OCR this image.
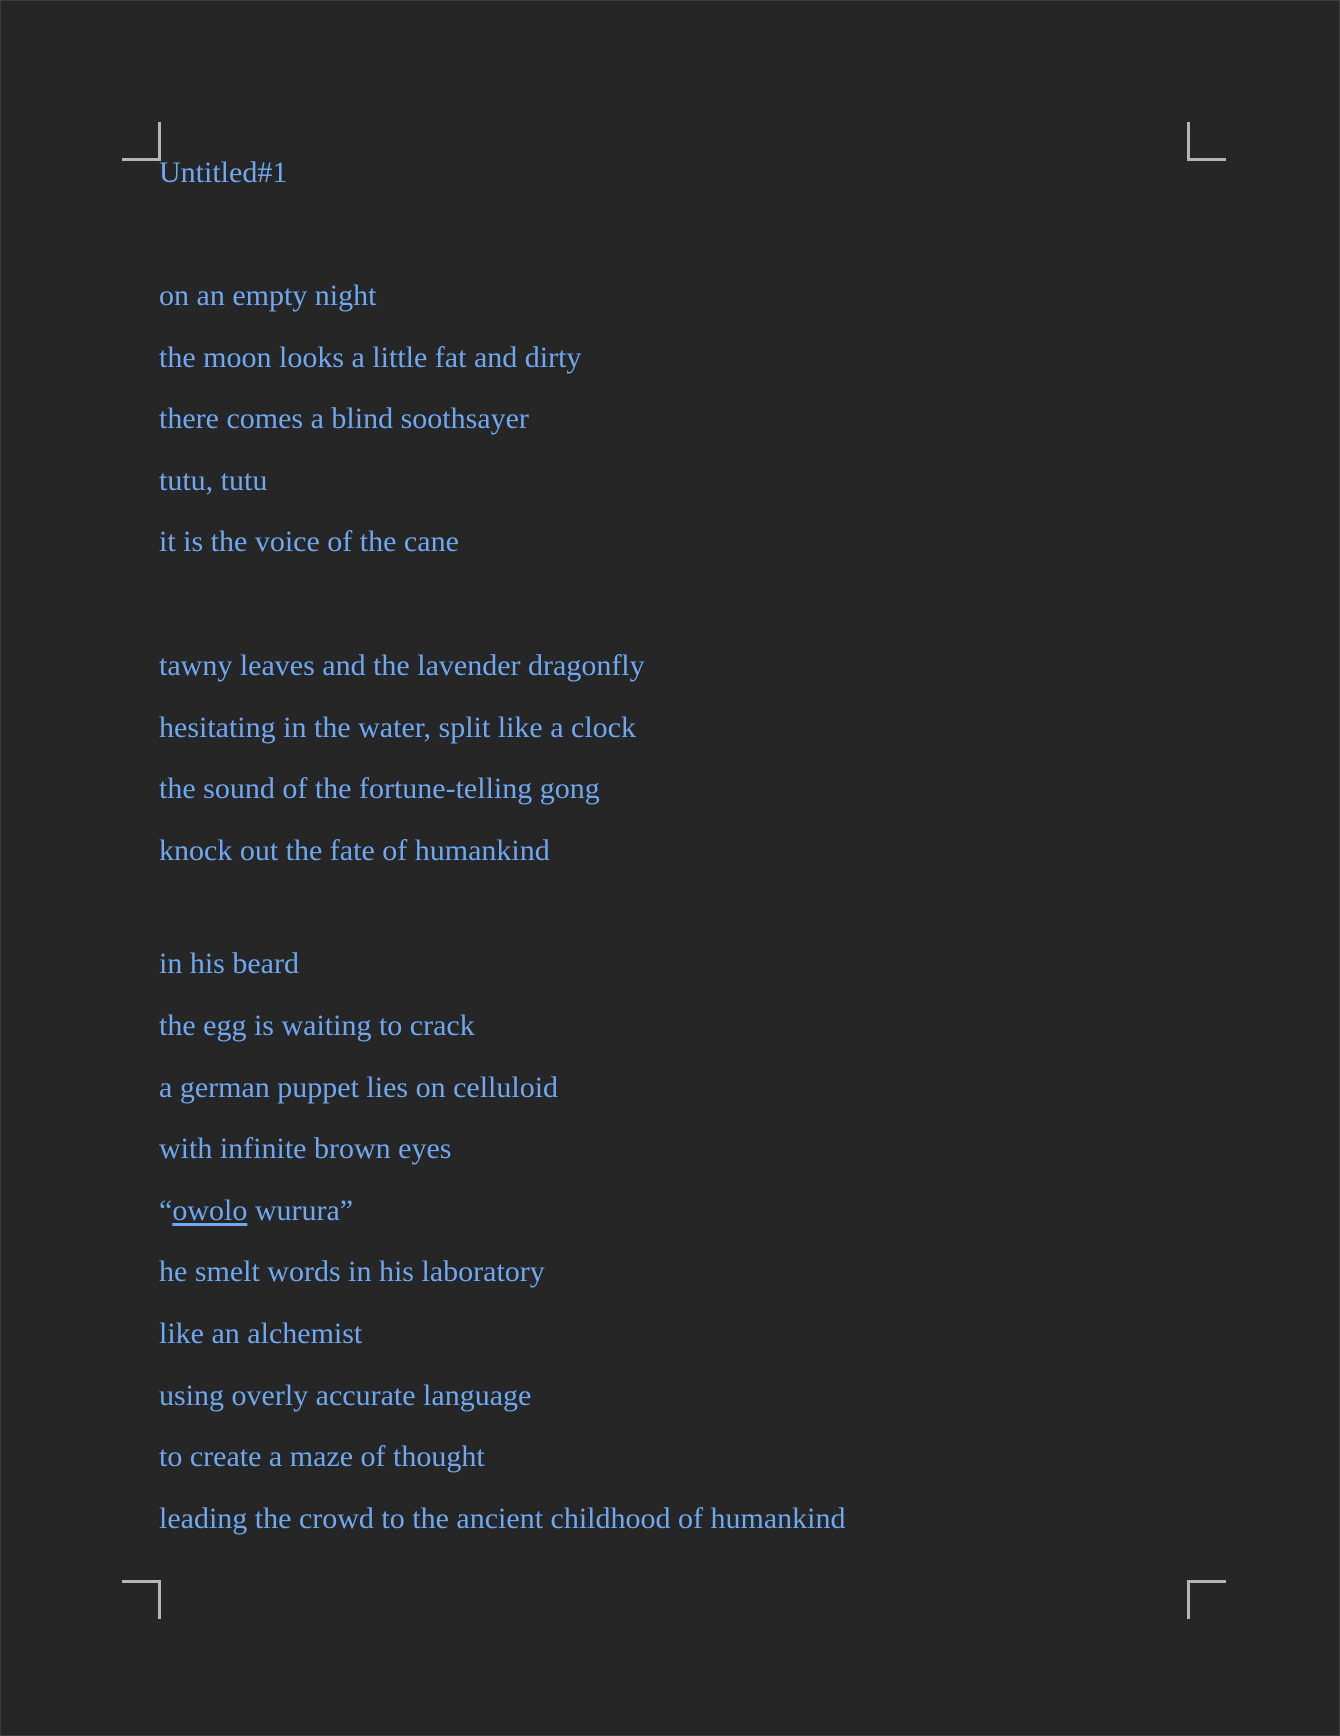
Untitled#1
on an empty night
the moon looks a little fat and dirty
there comes a blind soothsayer
tutu, tutu
it is the voice of the cane
tawny leaves and the lavender dragonfly
hesitating in the water, split like a clock
the sound of the fortune-telling gong
knock out the fate of humankind
in his beard
the egg is waiting to crack
a german puppet lies on celluloid
with infinite brown eyes
“owolo wurura”
he smelt words in his laboratory
like an alchemist
using overly accurate language
to create a maze of thought
leading the crowd to the ancient childhood of humankind
